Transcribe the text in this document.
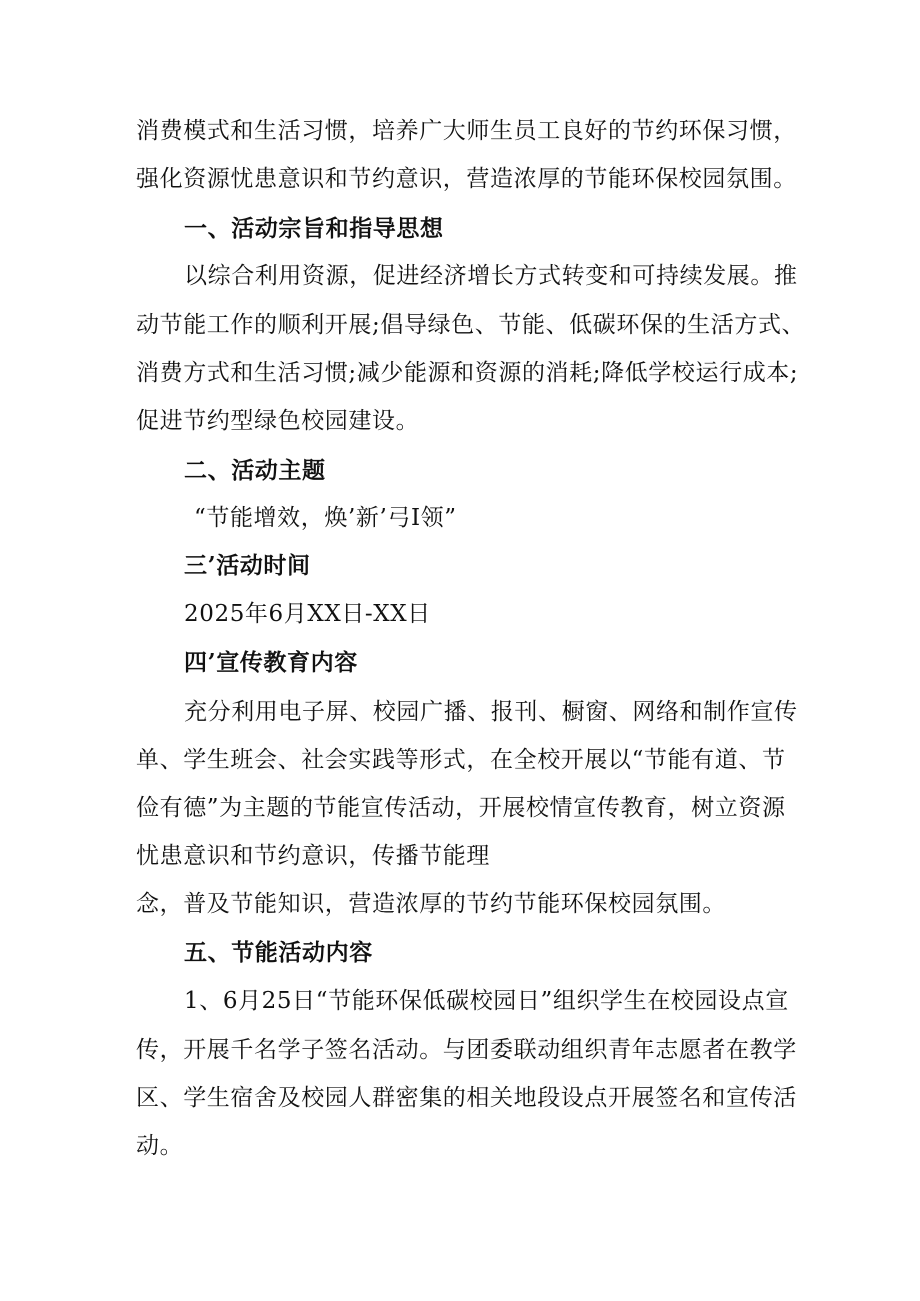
消费模式和生活习惯，培养广大师生员工良好的节约环保习惯，
强化资源忧患意识和节约意识，营造浓厚的节能环保校园氛围。
一、活动宗旨和指导思想
以综合利用资源，促进经济增长方式转变和可持续发展。推
动节能工作的顺利开展;倡导绿色、节能、低碳环保的生活方式、
消费方式和生活习惯;减少能源和资源的消耗;降低学校运行成本;
促进节约型绿色校园建设。
二、活动主题
“节能增效，焕’新’弓I领”
三’活动时间
2025年6月XX日-XX日
四’宣传教育内容
充分利用电子屏、校园广播、报刊、橱窗、网络和制作宣传
单、学生班会、社会实践等形式，在全校开展以“节能有道、节
俭有德”为主题的节能宣传活动，开展校情宣传教育，树立资源
忧患意识和节约意识，传播节能理
念，普及节能知识，营造浓厚的节约节能环保校园氛围。
五、节能活动内容
1、6月25日“节能环保低碳校园日”组织学生在校园设点宣
传，开展千名学子签名活动。与团委联动组织青年志愿者在教学
区、学生宿舍及校园人群密集的相关地段设点开展签名和宣传活
动。
